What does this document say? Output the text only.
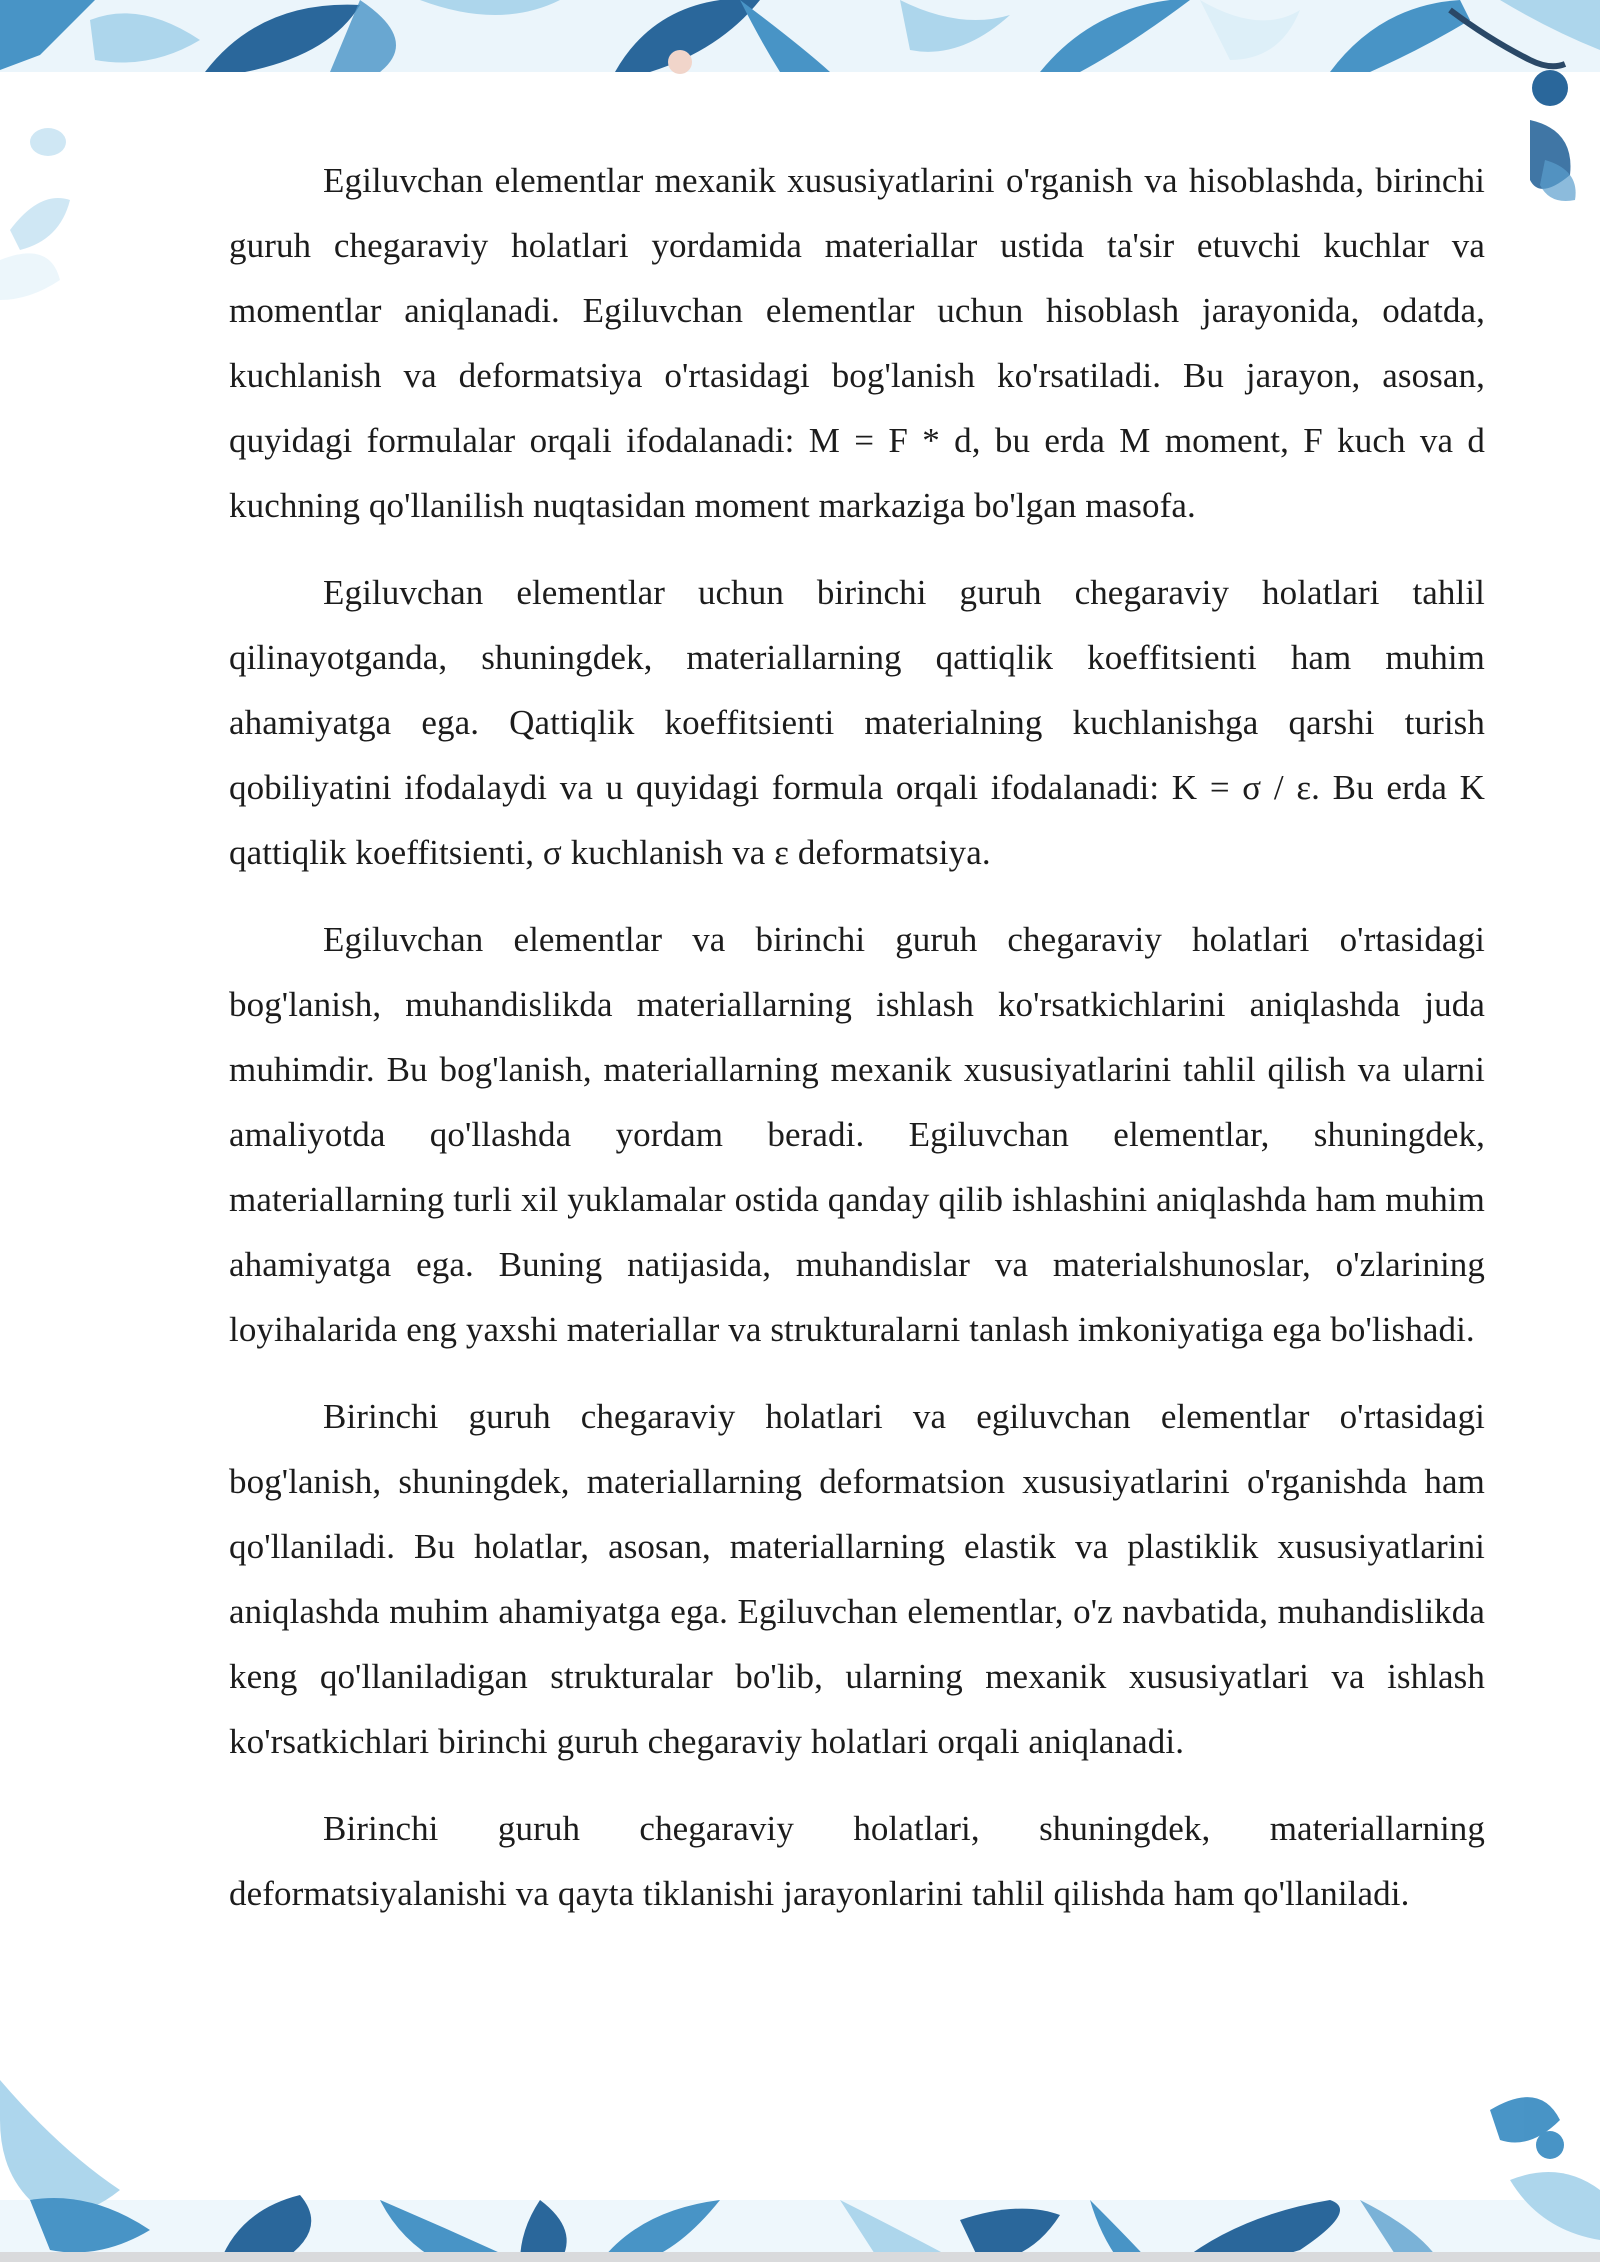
Egiluvchan elementlar mexanik xususiyatlarini o'rganish va hisoblashda, birinchi guruh chegaraviy holatlari yordamida materiallar ustida ta'sir etuvchi kuchlar va momentlar aniqlanadi. Egiluvchan elementlar uchun hisoblash jarayonida, odatda, kuchlanish va deformatsiya o'rtasidagi bog'lanish ko'rsatiladi. Bu jarayon, asosan, quyidagi formulalar orqali ifodalanadi: M = F * d, bu erda M moment, F kuch va d kuchning qo'llanilish nuqtasidan moment markaziga bo'lgan masofa.

Egiluvchan elementlar uchun birinchi guruh chegaraviy holatlari tahlil qilinayotganda, shuningdek, materiallarning qattiqlik koeffitsienti ham muhim ahamiyatga ega. Qattiqlik koeffitsienti materialning kuchlanishga qarshi turish qobiliyatini ifodalaydi va u quyidagi formula orqali ifodalanadi: K = σ / ε. Bu erda K qattiqlik koeffitsienti, σ kuchlanish va ε deformatsiya.

Egiluvchan elementlar va birinchi guruh chegaraviy holatlari o'rtasidagi bog'lanish, muhandislikda materiallarning ishlash ko'rsatkichlarini aniqlashda juda muhimdir. Bu bog'lanish, materiallarning mexanik xususiyatlarini tahlil qilish va ularni amaliyotda qo'llashda yordam beradi. Egiluvchan elementlar, shuningdek, materiallarning turli xil yuklamalar ostida qanday qilib ishlashini aniqlashda ham muhim ahamiyatga ega. Buning natijasida, muhandislar va materialshunoslar, o'zlarining loyihalarida eng yaxshi materiallar va strukturalarni tanlash imkoniyatiga ega bo'lishadi.

Birinchi guruh chegaraviy holatlari va egiluvchan elementlar o'rtasidagi bog'lanish, shuningdek, materiallarning deformatsion xususiyatlarini o'rganishda ham qo'llaniladi. Bu holatlar, asosan, materiallarning elastik va plastiklik xususiyatlarini aniqlashda muhim ahamiyatga ega. Egiluvchan elementlar, o'z navbatida, muhandislikda keng qo'llaniladigan strukturalar bo'lib, ularning mexanik xususiyatlari va ishlash ko'rsatkichlari birinchi guruh chegaraviy holatlari orqali aniqlanadi.

Birinchi guruh chegaraviy holatlari, shuningdek, materiallarning deformatsiyalanishi va qayta tiklanishi jarayonlarini tahlil qilishda ham qo'llaniladi.
